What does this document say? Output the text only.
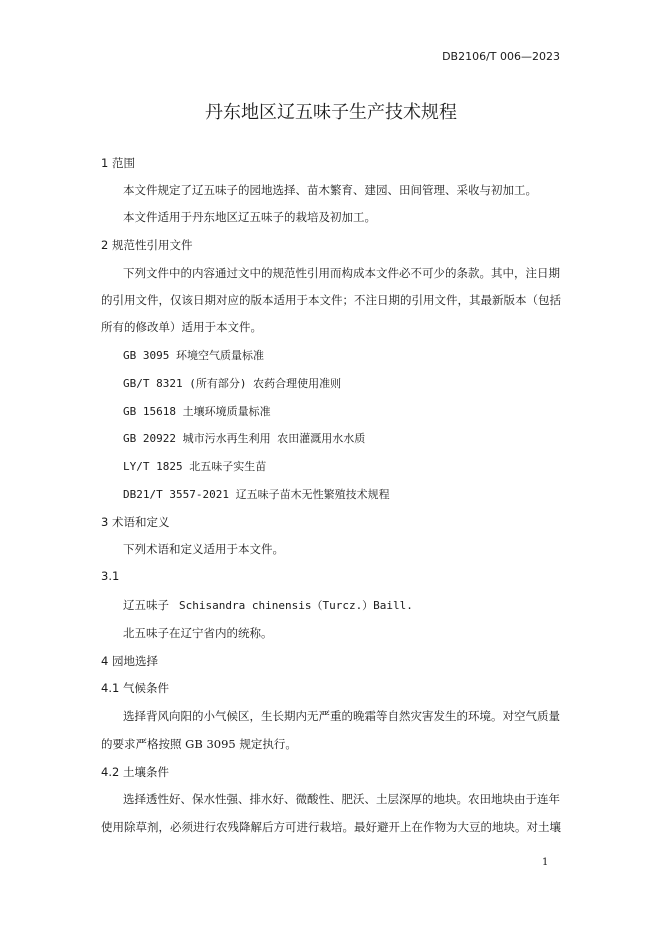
DB2106/T 006—2023
丹东地区辽五味子生产技术规程
1 范围
本文件规定了辽五味子的园地选择、苗木繁育、建园、田间管理、采收与初加工。
本文件适用于丹东地区辽五味子的栽培及初加工。
2 规范性引用文件
下列文件中的内容通过文中的规范性引用而构成本文件必不可少的条款。其中，注日期
的引用文件，仅该日期对应的版本适用于本文件；不注日期的引用文件，其最新版本（包括
所有的修改单）适用于本文件。
GB 3095 环境空气质量标准
GB/T 8321 (所有部分) 农药合理使用准则
GB 15618 土壤环境质量标准
GB 20922 城市污水再生利用 农田灌溉用水水质
LY/T 1825 北五味子实生苗
DB21/T 3557-2021 辽五味子苗木无性繁殖技术规程
3 术语和定义
下列术语和定义适用于本文件。
3.1
辽五味子 Schisandra chinensis（Turcz.）Baill.
北五味子在辽宁省内的统称。
4 园地选择
4.1 气候条件
选择背风向阳的小气候区，生长期内无严重的晚霜等自然灾害发生的环境。对空气质量
的要求严格按照 GB 3095 规定执行。
4.2 土壤条件
选择透性好、保水性强、排水好、微酸性、肥沃、土层深厚的地块。农田地块由于连年
使用除草剂，必须进行农残降解后方可进行栽培。最好避开上在作物为大豆的地块。对土壤
1
